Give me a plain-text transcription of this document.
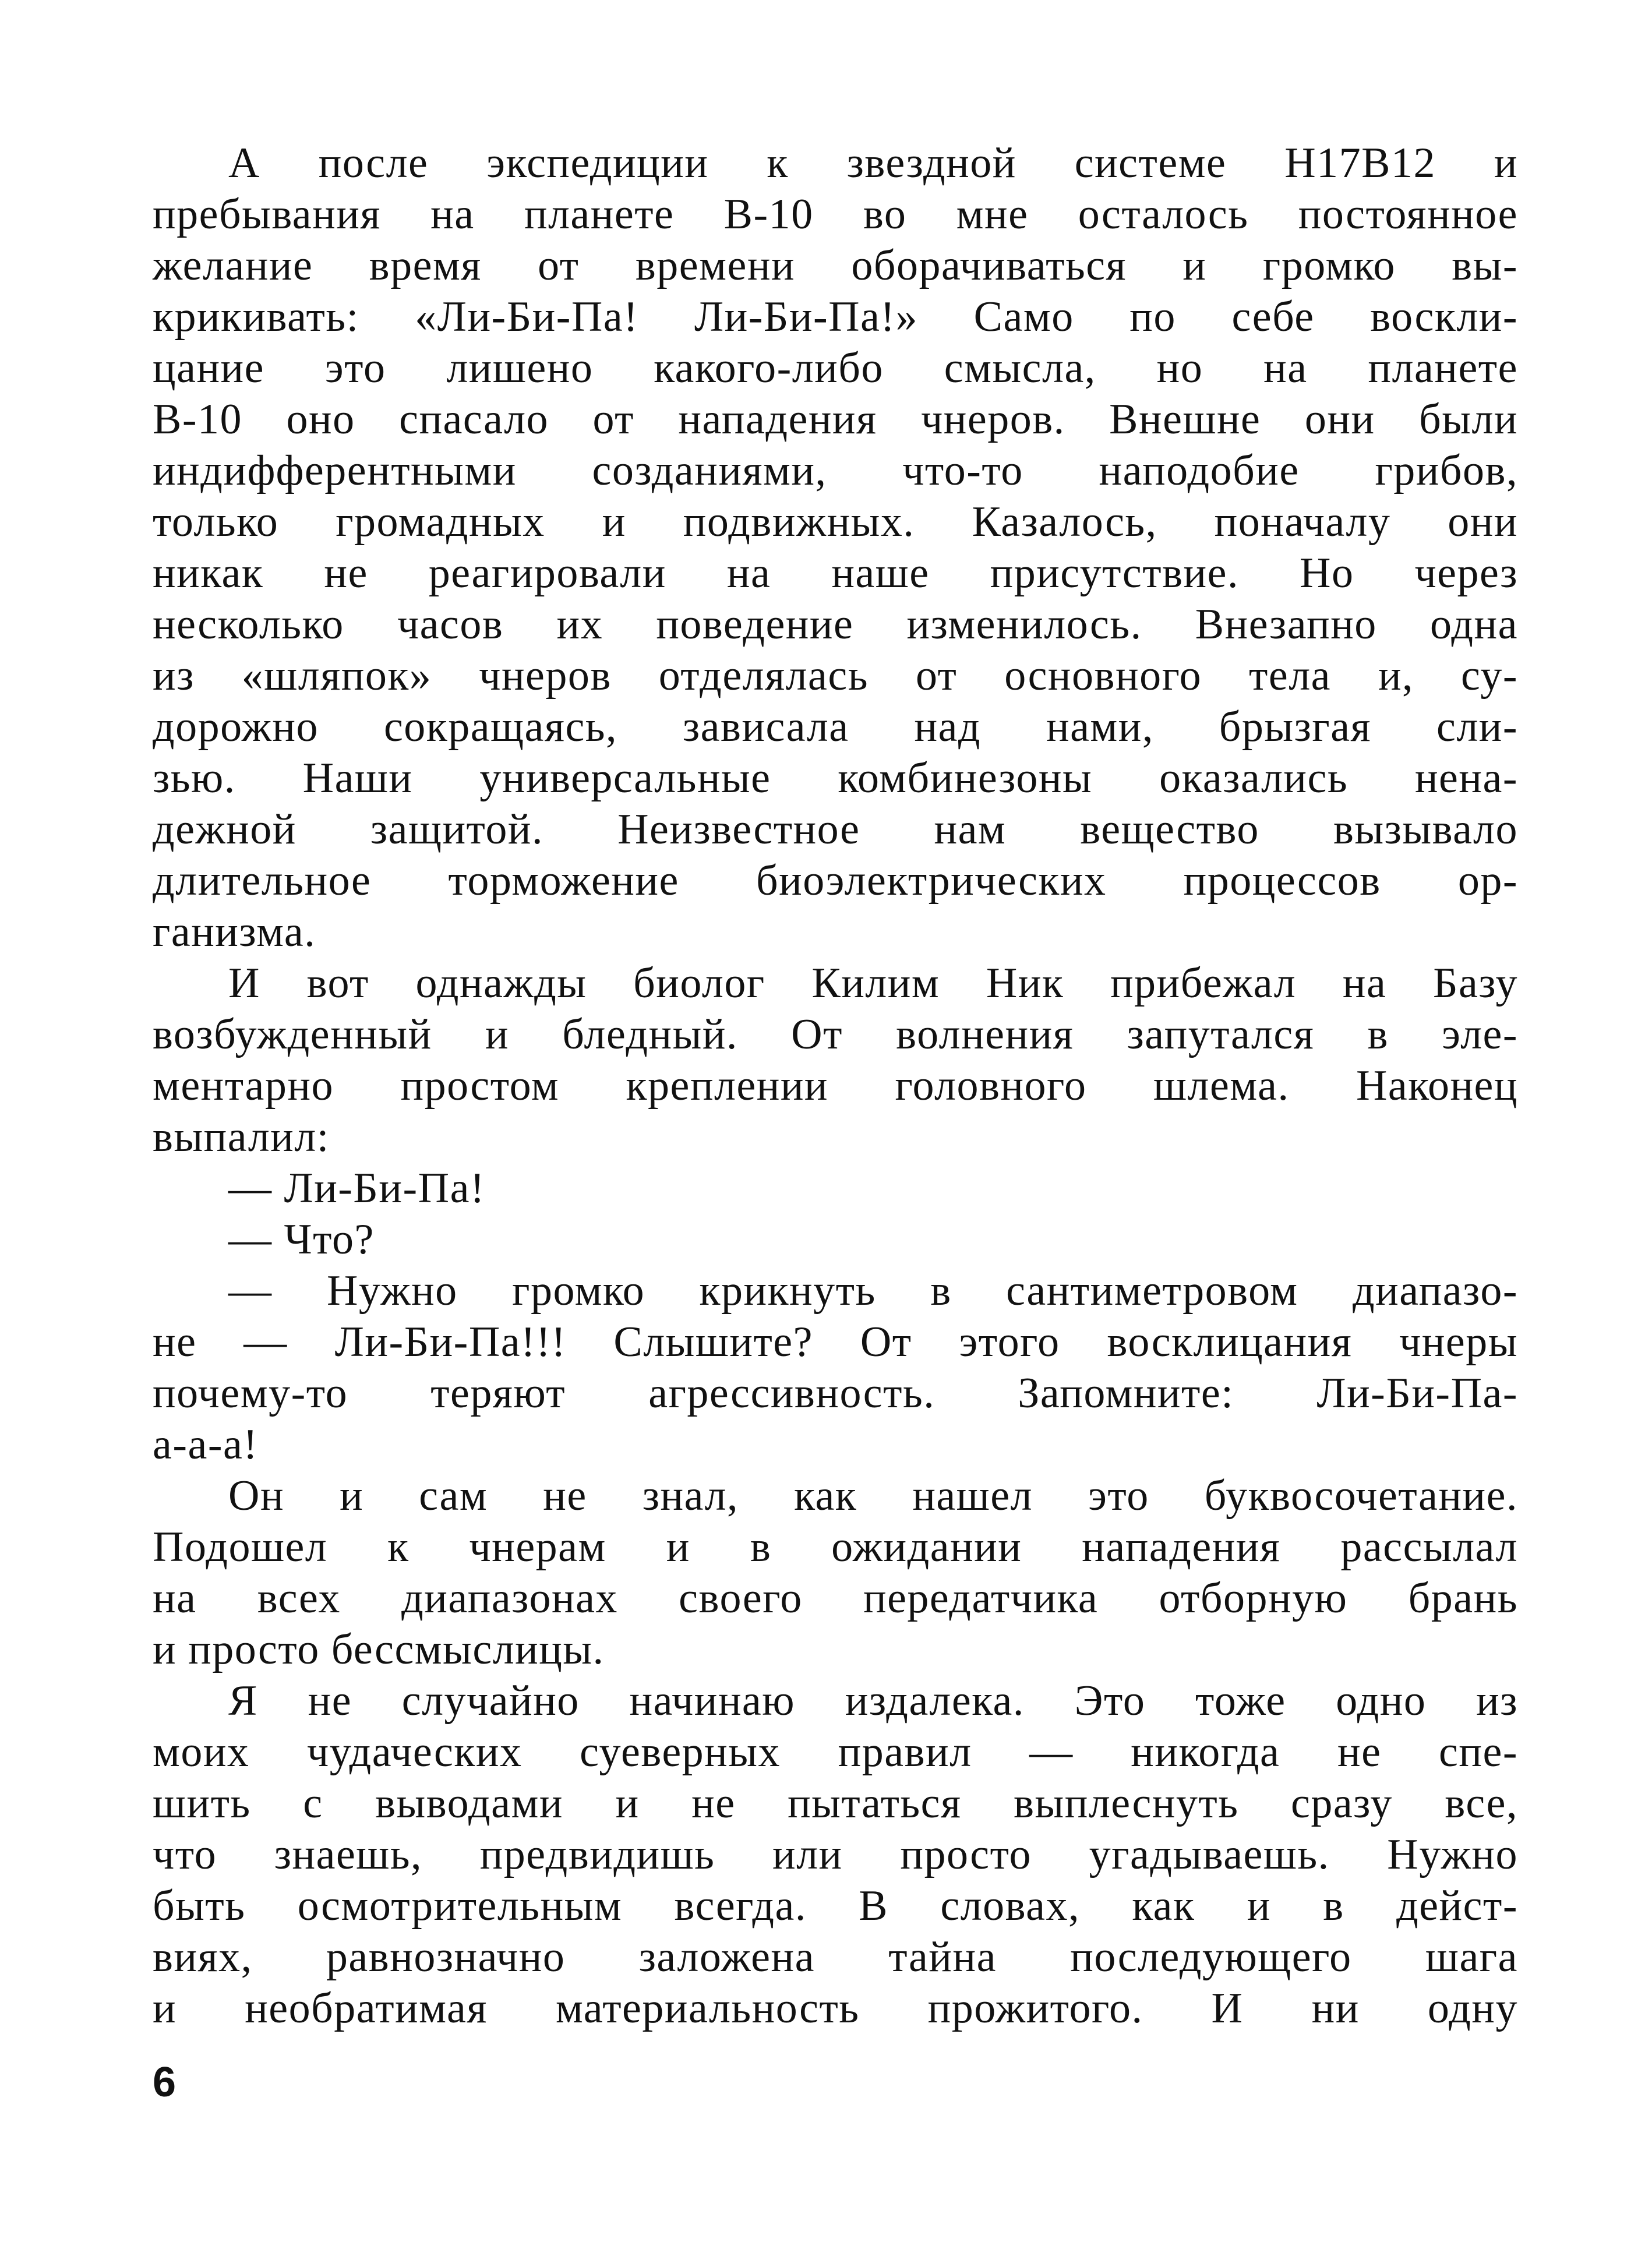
А после экспедиции к звездной системе Н17В12 и
пребывания на планете В-10 во мне осталось постоянное
желание время от времени оборачиваться и громко вы-
крикивать: «Ли-Би-Па! Ли-Би-Па!» Само по себе воскли-
цание это лишено какого-либо смысла, но на планете
В-10 оно спасало от нападения чнеров. Внешне они были
индифферентными созданиями, что-то наподобие грибов,
только громадных и подвижных. Казалось, поначалу они
никак не реагировали на наше присутствие. Но через
несколько часов их поведение изменилось. Внезапно одна
из «шляпок» чнеров отделялась от основного тела и, су-
дорожно сокращаясь, зависала над нами, брызгая сли-
зью. Наши универсальные комбинезоны оказались нена-
дежной защитой. Неизвестное нам вещество вызывало
длительное торможение биоэлектрических процессов ор-
ганизма.
И вот однажды биолог Килим Ник прибежал на Базу
возбужденный и бледный. От волнения запутался в эле-
ментарно простом креплении головного шлема. Наконец
выпалил:
— Ли-Би-Па!
— Что?
— Нужно громко крикнуть в сантиметровом диапазо-
не — Ли-Би-Па!!! Слышите? От этого восклицания чнеры
почему-то теряют агрессивность. Запомните: Ли-Би-Па-
а-а-а!
Он и сам не знал, как нашел это буквосочетание.
Подошел к чнерам и в ожидании нападения рассылал
на всех диапазонах своего передатчика отборную брань
и просто бессмыслицы.
Я не случайно начинаю издалека. Это тоже одно из
моих чудаческих суеверных правил — никогда не спе-
шить с выводами и не пытаться выплеснуть сразу все,
что знаешь, предвидишь или просто угадываешь. Нужно
быть осмотрительным всегда. В словах, как и в дейст-
виях, равнозначно заложена тайна последующего шага
и необратимая материальность прожитого. И ни одну
6
